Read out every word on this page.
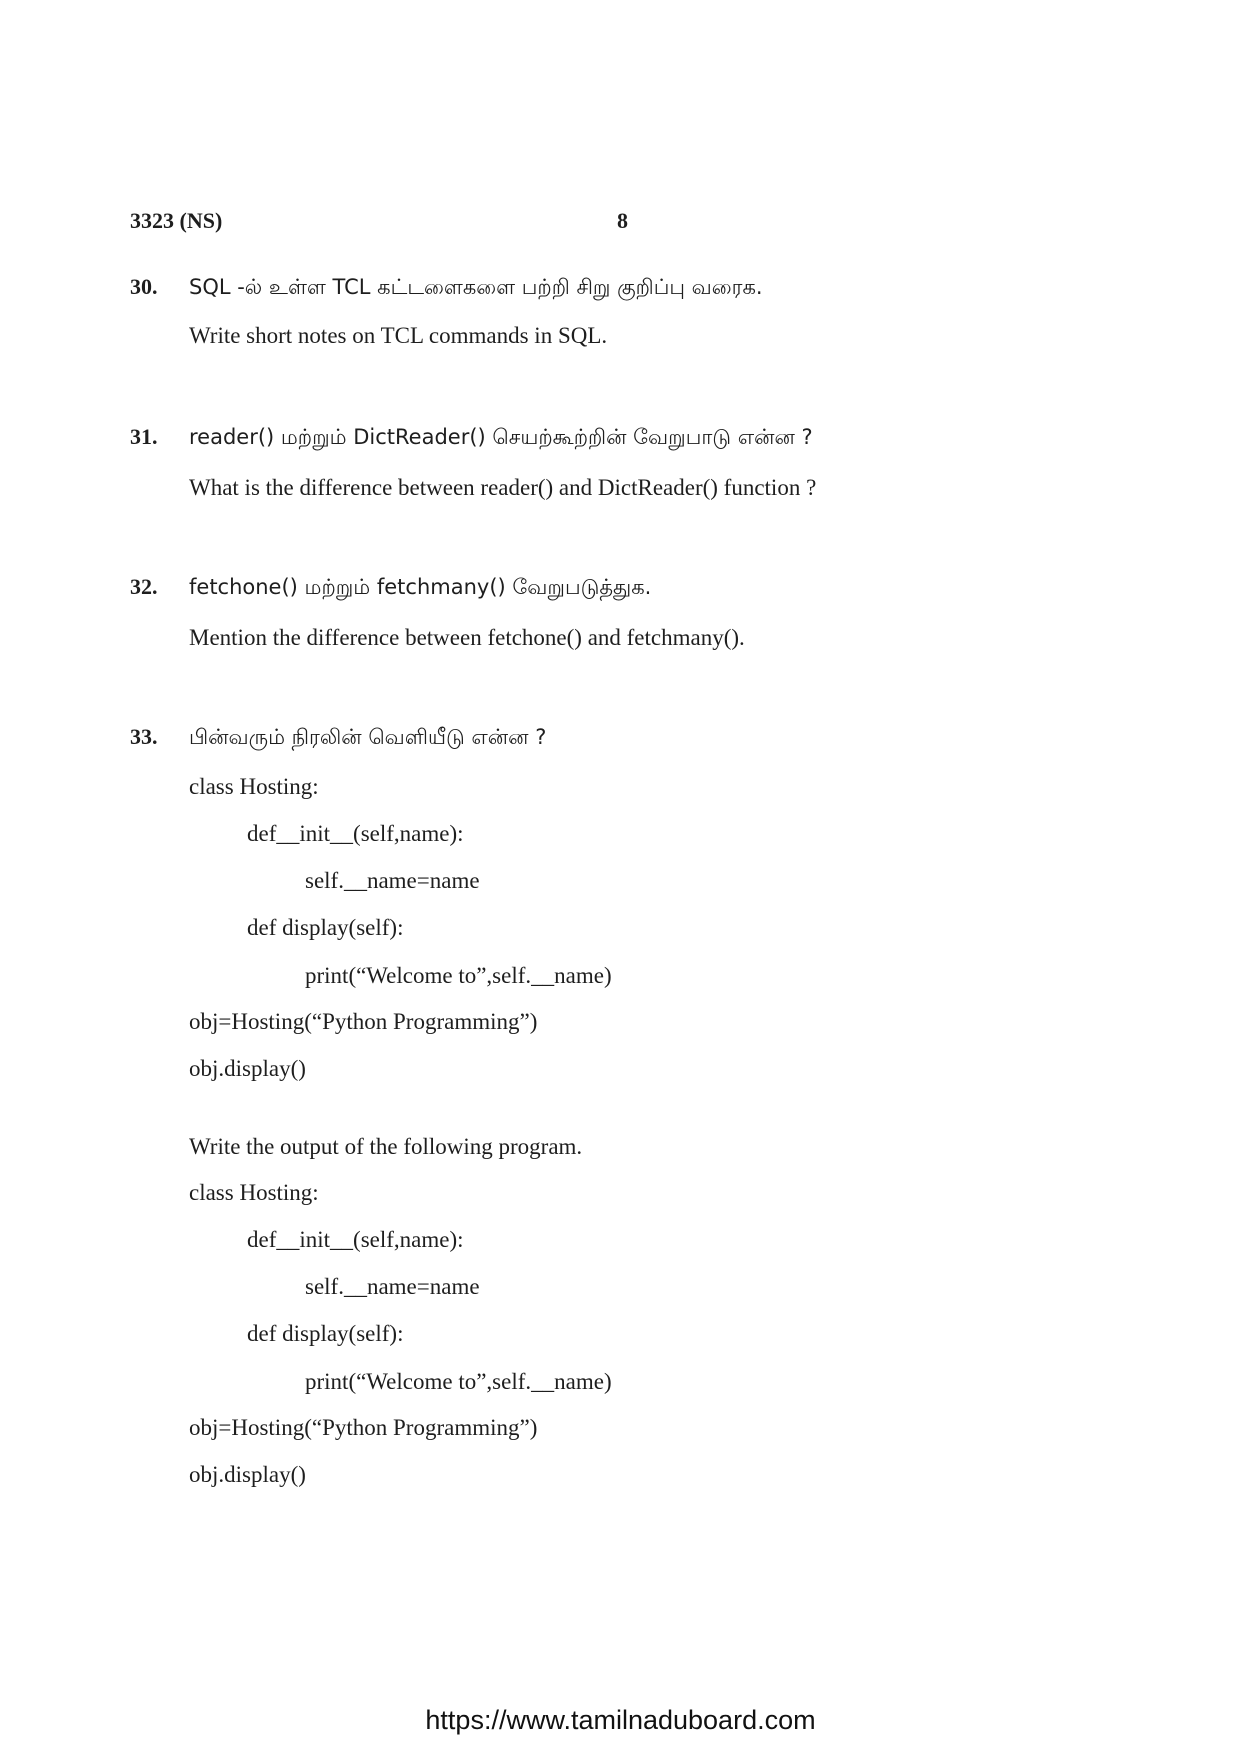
3323 (NS)	8
30. SQL -ல் உள்ள TCL கட்டளைகளை பற்றி சிறு குறிப்பு வரைக.
Write short notes on TCL commands in SQL.
31. reader() மற்றும் DictReader() செயற்கூற்றின் வேறுபாடு என்ன ?
What is the difference between reader() and DictReader() function ?
32. fetchone() மற்றும் fetchmany() வேறுபடுத்துக.
Mention the difference between fetchone() and fetchmany().
33. பின்வரும் நிரலின் வெளியீடு என்ன ?
class Hosting:
def__init__(self,name):
self.__name=name
def display(self):
print(“Welcome to”,self.__name)
obj=Hosting(“Python Programming”)
obj.display()
Write the output of the following program.
class Hosting:
def__init__(self,name):
self.__name=name
def display(self):
print(“Welcome to”,self.__name)
obj=Hosting(“Python Programming”)
obj.display()
https://www.tamilnaduboard.com
